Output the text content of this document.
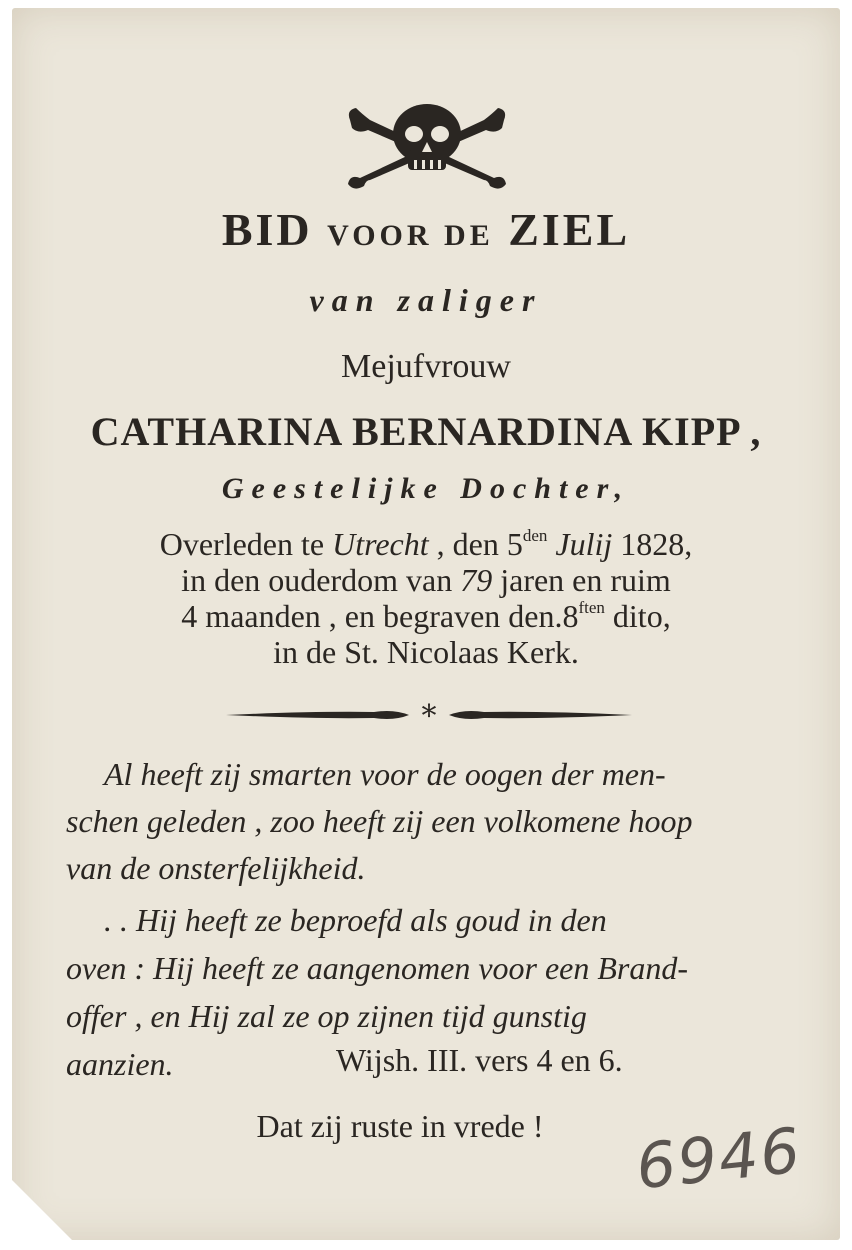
BID VOOR DE ZIEL
van zaliger
Mejufvrouw
CATHARINA BERNARDINA KIPP ,
Geestelijke Dochter,
Overleden te Utrecht , den $5^{den}$ Julij 1828,
in den ouderdom van 79 jaren en ruim
4 maanden , en begraven $den.8^{ften}$ dito,
in de St. Nicolaas Kerk.
*
Al heeft zij smarten voor de oogen der men-
schen geleden , zoo heeft zij een volkomene hoop
van de onsterfelijkheid.
. . Hij heeft ze beproefd als goud in den
oven : Hij heeft ze aangenomen voor een Brand-
offer , en Hij zal ze op zijnen tijd gunstig
aanzien.	Wijsh. III. vers 4 en 6.
Dat zij ruste in vrede !	6946
